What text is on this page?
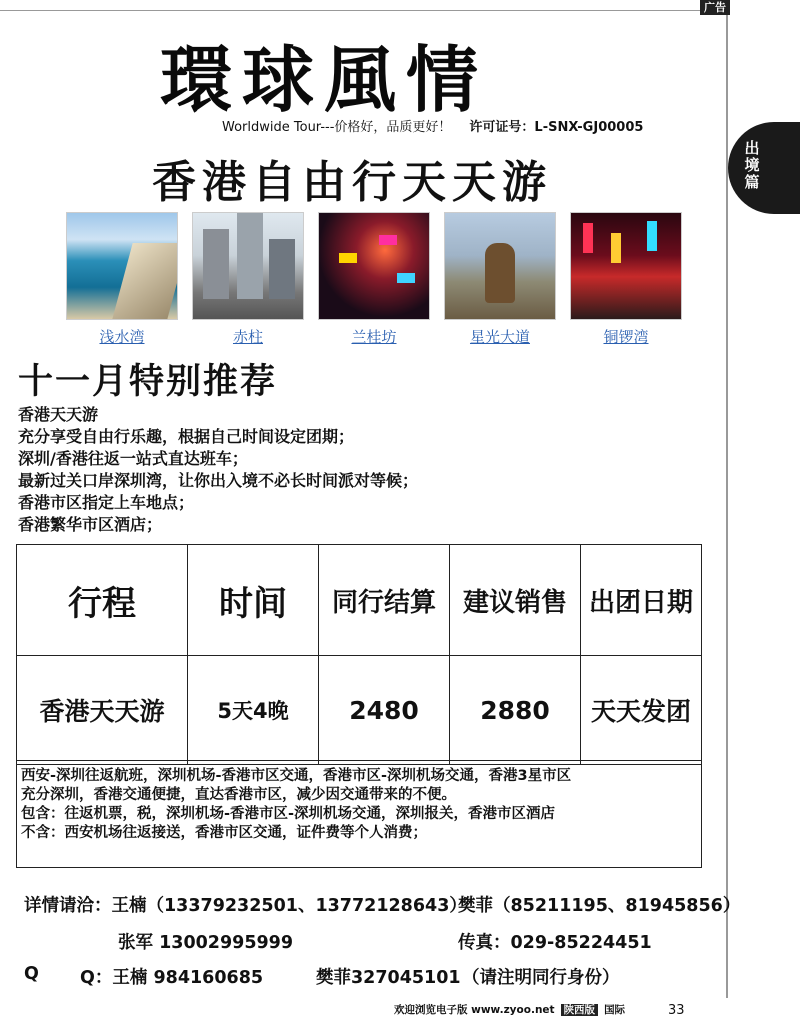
广告
出境篇
環球風情
Worldwide Tour---价格好，品质更好！ 许可证号：L-SNX-GJ00005
香港自由行天天游
浅水湾	赤柱	兰桂坊	星光大道	铜锣湾
十一月特别推荐
香港天天游
充分享受自由行乐趣，根据自己时间设定团期；
深圳/香港往返一站式直达班车；
最新过关口岸深圳湾，让你出入境不必长时间派对等候；
香港市区指定上车地点；
香港繁华市区酒店；
行程	时间	同行结算	建议销售	出团日期
香港天天游	5天4晚	2480	2880	天天发团
西安-深圳往返航班，深圳机场-香港市区交通，香港市区-深圳机场交通，香港3星市区
充分深圳，香港交通便捷，直达香港市区，减少因交通带来的不便。
包含：往返机票，税，深圳机场-香港市区-深圳机场交通，深圳报关，香港市区酒店
不含：西安机场往返接送，香港市区交通，证件费等个人消费；
详情请洽：王楠（13379232501、13772128643）
樊菲（85211195、81945856）
张军 13002995999	传真：029-85224451
Q Q：王楠 984160685	樊菲327045101 （请注明同行身份）
欢迎浏览电子版 www.zyoo.net 陕西版 国际	33
